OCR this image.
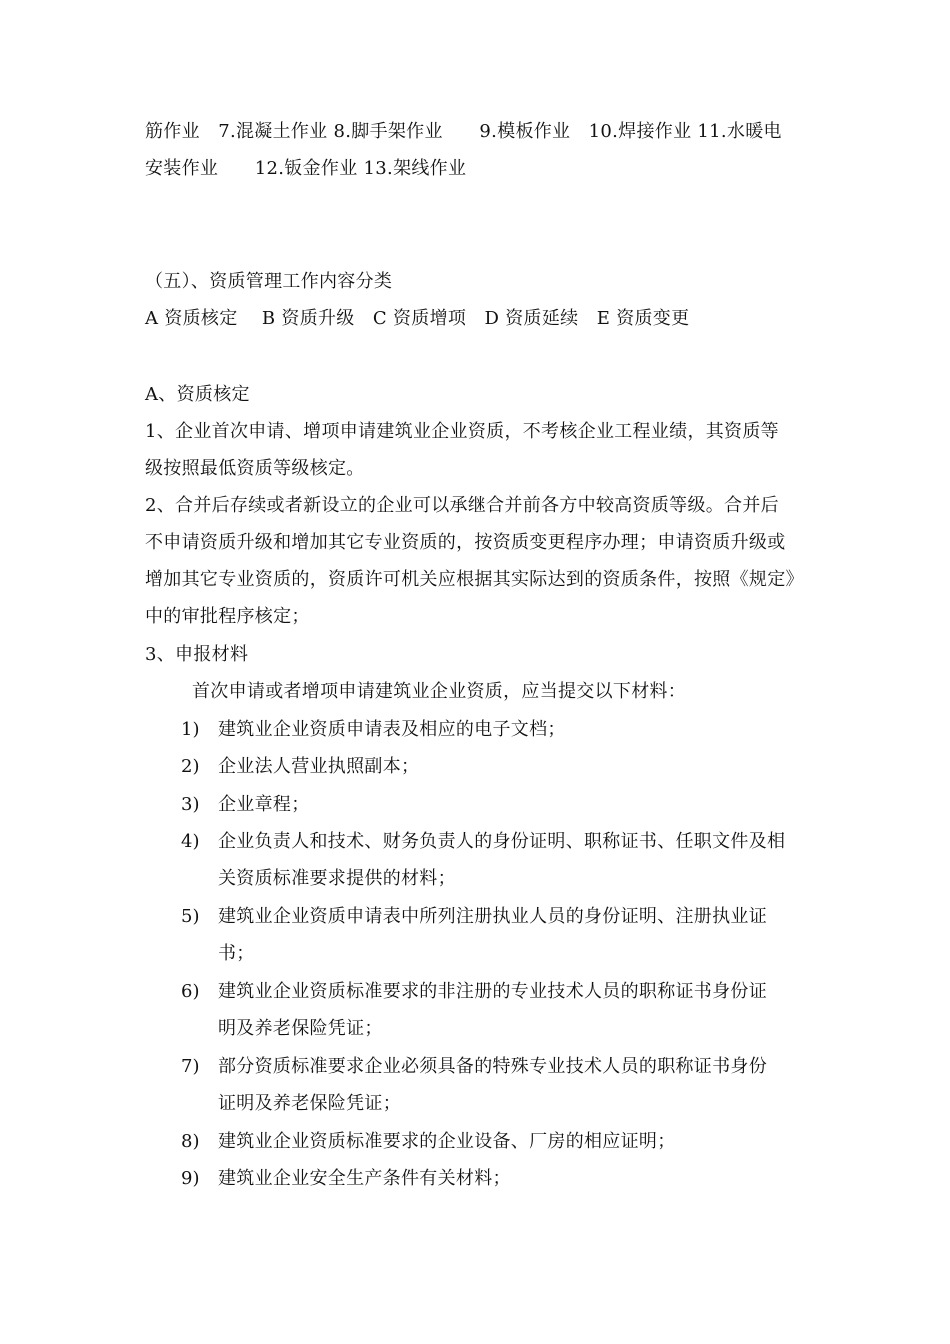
筋作业　7.混凝土作业 8.脚手架作业　　9.模板作业　10.焊接作业 11.水暖电
安装作业　　12.钣金作业 13.架线作业
（五）、资质管理工作内容分类
A 资质核定　 B 资质升级　C 资质增项　D 资质延续　E 资质变更
A、资质核定
1、企业首次申请、增项申请建筑业企业资质，不考核企业工程业绩，其资质等
级按照最低资质等级核定。
2、合并后存续或者新设立的企业可以承继合并前各方中较高资质等级。合并后
不申请资质升级和增加其它专业资质的，按资质变更程序办理；申请资质升级或
增加其它专业资质的，资质许可机关应根据其实际达到的资质条件，按照《规定》
中的审批程序核定；
3、申报材料
首次申请或者增项申请建筑业企业资质，应当提交以下材料：
1) 建筑业企业资质申请表及相应的电子文档；
2) 企业法人营业执照副本；
3) 企业章程；
4) 企业负责人和技术、财务负责人的身份证明、职称证书、任职文件及相
关资质标准要求提供的材料；
5) 建筑业企业资质申请表中所列注册执业人员的身份证明、注册执业证
书；
6) 建筑业企业资质标准要求的非注册的专业技术人员的职称证书身份证
明及养老保险凭证；
7) 部分资质标准要求企业必须具备的特殊专业技术人员的职称证书身份
证明及养老保险凭证；
8) 建筑业企业资质标准要求的企业设备、厂房的相应证明；
9) 建筑业企业安全生产条件有关材料；
